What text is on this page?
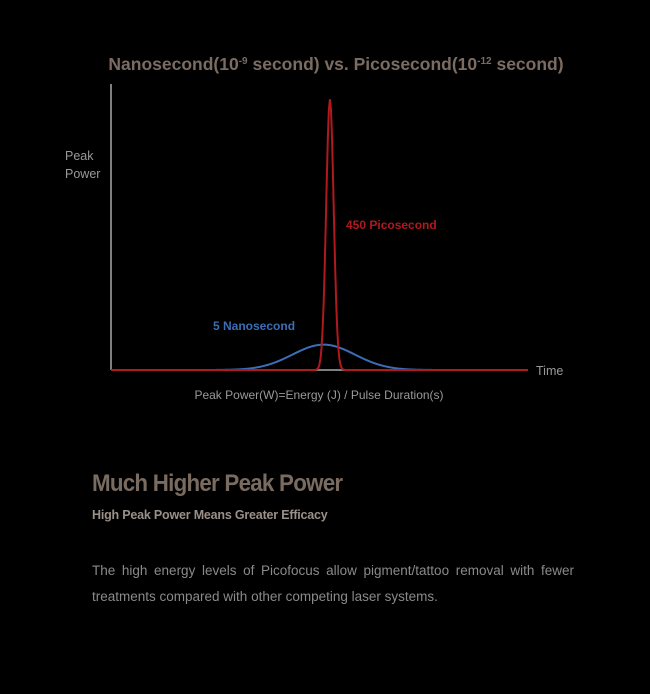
$Nanosecond(10^{-9}$ second) vs. $Picosecond(10^{-12}$ second)
5 Nanosecond
450 Picosecond
Peak
Power
Time
Peak Power(W)=Energy (J) / Pulse Duration(s)
Much Higher Peak Power
High Peak Power Means Greater Efficacy
The high energy levels of Picofocus allow pigment/tattoo removal with fewer treatments compared with other competing laser systems.
